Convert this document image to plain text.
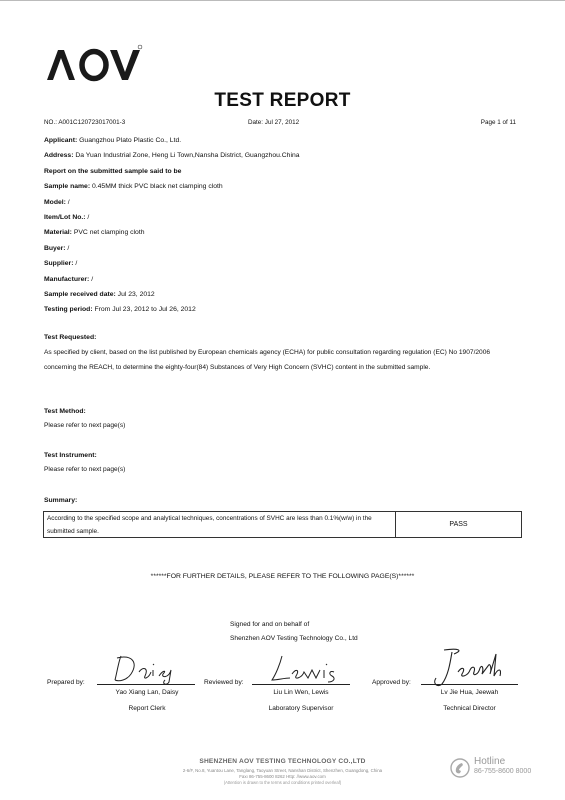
TEST REPORT
NO.: A001C120723017001-3	Date: Jul 27, 2012	Page 1 of 11
Applicant: Guangzhou Plato Plastic Co., Ltd.
Address: Da Yuan Industrial Zone, Heng Li Town,Nansha District, Guangzhou.China
Report on the submitted sample said to be
Sample name: 0.45MM thick PVC black net clamping cloth
Model: /
Item/Lot No.: /
Material: PVC net clamping cloth
Buyer: /
Supplier: /
Manufacturer: /
Sample received date: Jul 23, 2012
Testing period: From Jul 23, 2012 to Jul 26, 2012
Test Requested:
As specified by client, based on the list published by European chemicals agency (ECHA) for public consultation regarding regulation (EC) No 1907/2006 concerning the REACH, to determine the eighty-four(84) Substances of Very High Concern (SVHC) content in the submitted sample.
Test Method:
Please refer to next page(s)
Test Instrument:
Please refer to next page(s)
Summary:
According to the specified scope and analytical techniques, concentrations of SVHC are less than 0.1%(w/w) in the submitted sample.
PASS
******FOR FURTHER DETAILS, PLEASE REFER TO THE FOLLOWING PAGE(S)******
Signed for and on behalf of
Shenzhen AOV Testing Technology Co., Ltd
Prepared by:
Yao Xiang Lan, Daisy
Report Clerk
Reviewed by:
Liu Lin Wen, Lewis
Laboratory Supervisor
Approved by:
Lv Jie Hua, Jeewah
Technical Director
SHENZHEN AOV TESTING TECHNOLOGY CO.,LTD
2-6/F, No.8, Yuantou Lane, Tanglang, Taoyuan Street, Nanshan District, Shenzhen, Guangdong, China
Faxı 86-755-8600 8262 Http: //www.aov.com
(Attention is drawn to the terms and conditions printed overleaf)
Hotline
86-755-8600 8000
